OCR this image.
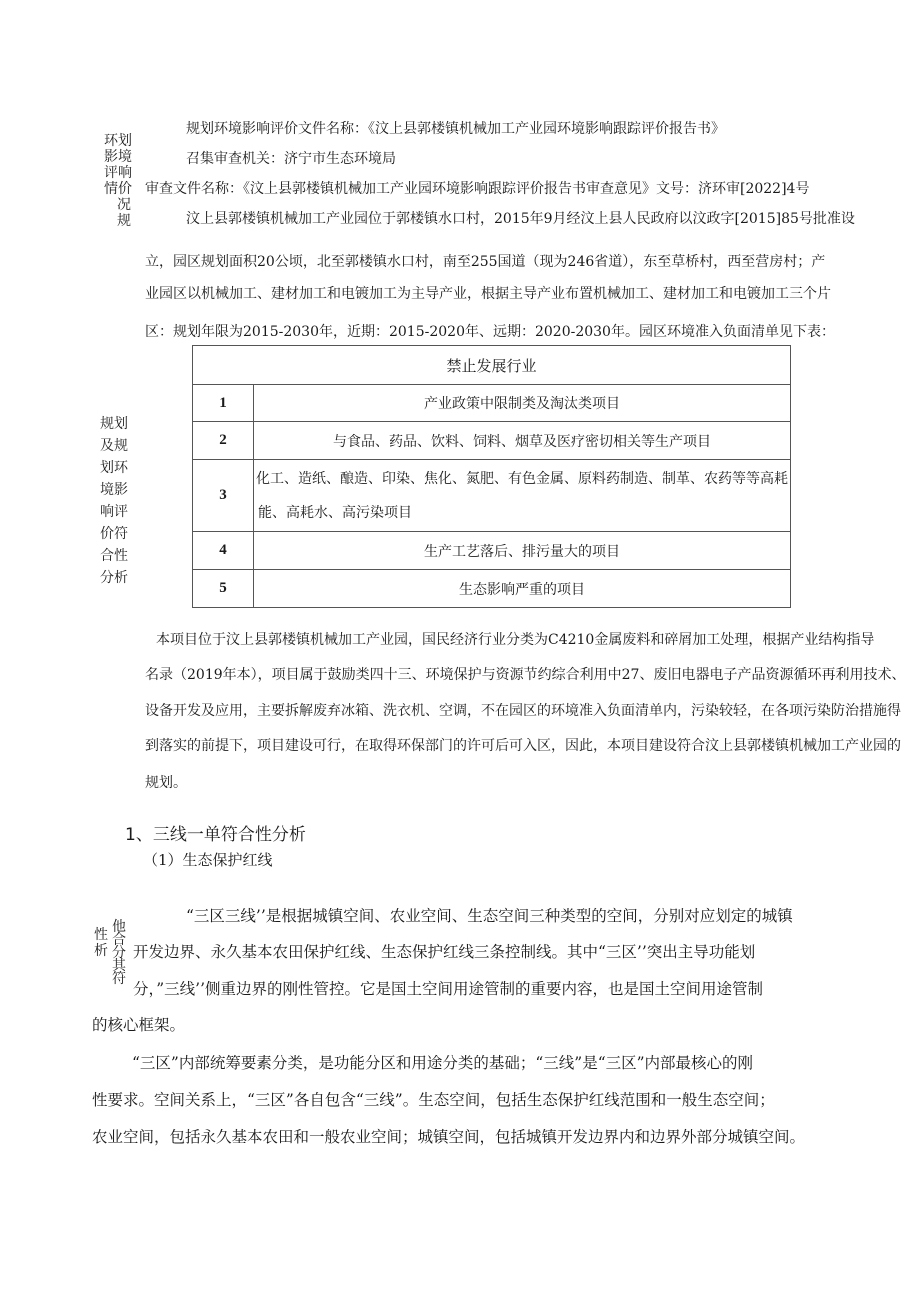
环划
影境
评响
情价
况
规
规划环境影响评价文件名称：《汶上县郭楼镇机械加工产业园环境影响跟踪评价报告书》
召集审查机关：济宁市生态环境局
审查文件名称：《汶上县郭楼镇机械加工产业园环境影响跟踪评价报告书审查意见》文号：济环审[2022]4号
汶上县郭楼镇机械加工产业园位于郭楼镇水口村，2015年9月经汶上县人民政府以汶政字[2015]85号批准设
立，园区规划面积20公顷，北至郭楼镇水口村，南至255国道（现为246省道），东至草桥村，西至营房村；产
业园区以机械加工、建材加工和电镀加工为主导产业，根据主导产业布置机械加工、建材加工和电镀加工三个片
区：规划年限为2015-2030年，近期：2015-2020年、远期：2020-2030年。园区环境准入负面清单见下表：
规划
及规
划环
境影
响评
价符
合性
分析
禁止发展行业	
1	产业政策中限制类及淘汰类项目
2	与食品、药品、饮料、饲料、烟草及医疗密切相关等生产项目
3	化工、造纸、酿造、印染、焦化、氮肥、有色金属、原料药制造、制革、农药等等高耗
能、高耗水、高污染项目

4	生产工艺落后、排污量大的项目
5	生态影响严重的项目
本项目位于汶上县郭楼镇机械加工产业园，国民经济行业分类为C4210金属废料和碎屑加工处理，根据产业结构指导
名录（2019年本），项目属于鼓励类四十三、环境保护与资源节约综合利用中27、废旧电器电子产品资源循环再利用技术、
设备开发及应用，主要拆解废弃冰箱、洗衣机、空调，不在园区的环境准入负面清单内，污染较轻，在各项污染防治措施得
到落实的前提下，项目建设可行，在取得环保部门的许可后可入区，因此，本项目建设符合汶上县郭楼镇机械加工产业园的
规划。
1、三线一单符合性分析
（1）生态保护红线
性
析
他
合
分
其
符
“三区三线’’是根据城镇空间、农业空间、生态空间三种类型的空间，分别对应划定的城镇
开发边界、永久基本农田保护红线、生态保护红线三条控制线。其中“三区’’突出主导功能划
分，”三线’’侧重边界的刚性管控。它是国土空间用途管制的重要内容，也是国土空间用途管制
的核心框架。
“三区”内部统筹要素分类，是功能分区和用途分类的基础；“三线”是“三区”内部最核心的刚
性要求。空间关系上，“三区”各自包含“三线”。生态空间，包括生态保护红线范围和一般生态空间；
农业空间，包括永久基本农田和一般农业空间；城镇空间，包括城镇开发边界内和边界外部分城镇空间。
